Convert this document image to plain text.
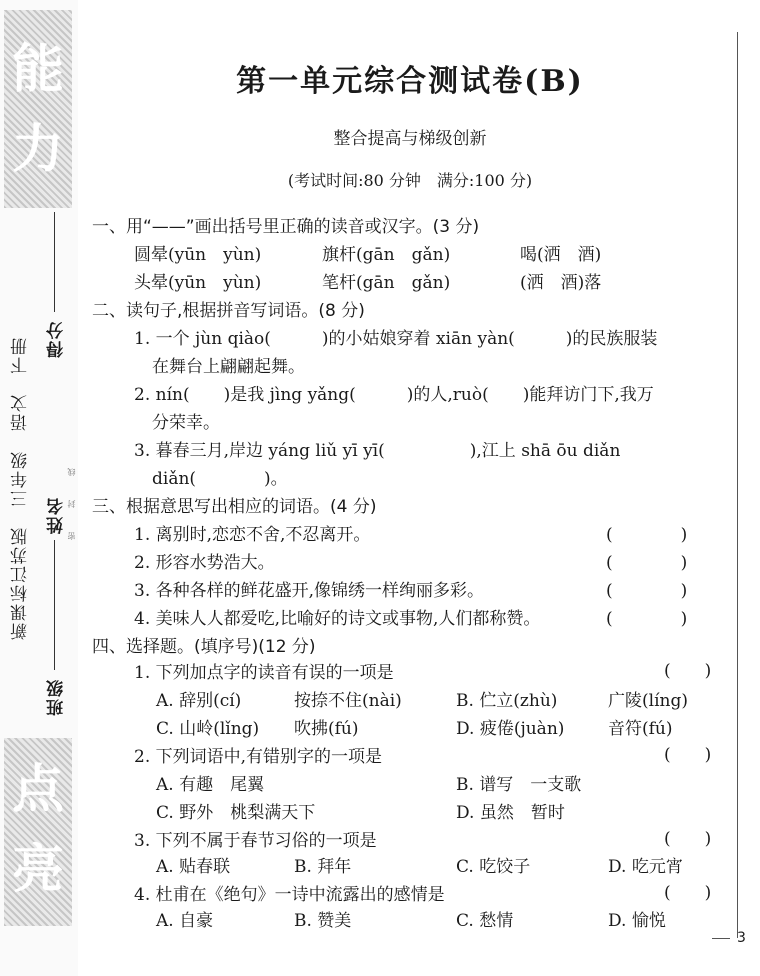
能
力
点
亮
新课标江苏版　三年级　语文　下册 得分
姓名
班级
密　　　封　　　线
第一单元综合测试卷(B)
整合提高与梯级创新
(考试时间:80 分钟　满分:100 分)
一、用“——”画出括号里正确的读音或汉字。(3 分)
圆晕(yūn　yùn)	旗杆(gān　gǎn)	喝(洒　酒)
头晕(yūn　yùn)	笔杆(gān　gǎn)	(洒　酒)落
二、读句子,根据拼音写词语。(8 分)
1. 一个 jùn qiào(　　　)的小姑娘穿着 xiān yàn(　　　)的民族服装
在舞台上翩翩起舞。
2. nín(　　)是我 jìng yǎng(　　　)的人,ruò(　　)能拜访门下,我万
分荣幸。
3. 暮春三月,岸边 yáng liǔ yī yī(　　　　　),江上 shā ōu diǎn
diǎn(　　　　)。
三、根据意思写出相应的词语。(4 分)
1. 离别时,恋恋不舍,不忍离开。	(　　　　)
2. 形容水势浩大。	(　　　　)
3. 各种各样的鲜花盛开,像锦绣一样绚丽多彩。	(　　　　)
4. 美味人人都爱吃,比喻好的诗文或事物,人们都称赞。	(　　　　)
四、选择题。(填序号)(12 分)
1. 下列加点字的读音有误的一项是	(　　)
A. 辞别(cí)	按捺不住(nài)	B. 伫立(zhù)	广陵(líng)
C. 山岭(lǐng) 吹拂(fú)	D. 疲倦(juàn)	音符(fú)
2. 下列词语中,有错别字的一项是	(　　)
A. 有趣　尾翼	B. 谱写　一支歌
C. 野外　桃梨满天下	D. 虽然　暂时
3. 下列不属于春节习俗的一项是	(　　)
A. 贴春联	B. 拜年	C. 吃饺子	D. 吃元宵
4. 杜甫在《绝句》一诗中流露出的感情是	(　　)
A. 自豪	B. 赞美	C. 愁情	D. 愉悦
3
